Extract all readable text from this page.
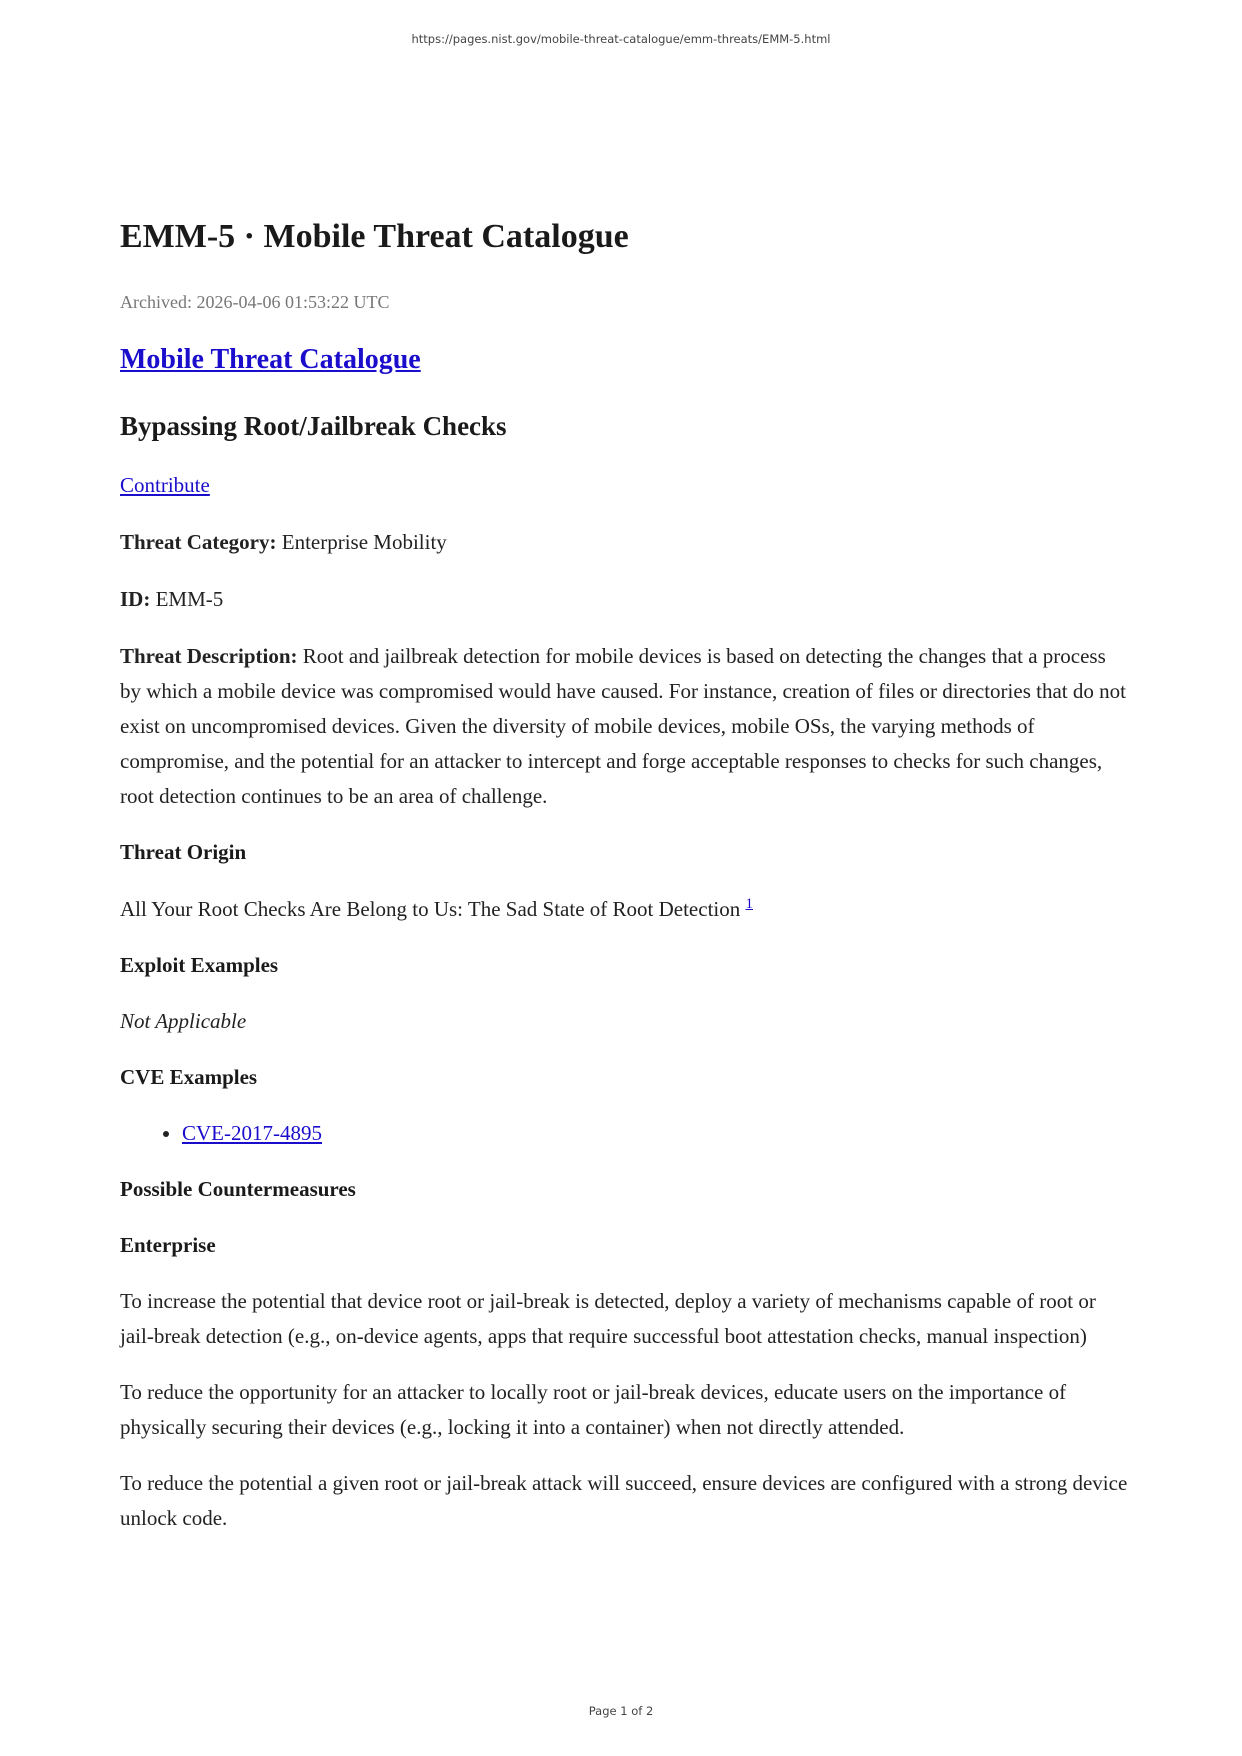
https://pages.nist.gov/mobile-threat-catalogue/emm-threats/EMM-5.html
EMM-5 · Mobile Threat Catalogue
Archived: 2026-04-06 01:53:22 UTC
Mobile Threat Catalogue
Bypassing Root/Jailbreak Checks

Contribute

Threat Category: Enterprise Mobility

ID: EMM-5

Threat Description: Root and jailbreak detection for mobile devices is based on detecting the changes that a process by which a mobile device was compromised would have caused. For instance, creation of files or directories that do not exist on uncompromised devices. Given the diversity of mobile devices, mobile OSs, the varying methods of compromise, and the potential for an attacker to intercept and forge acceptable responses to checks for such changes, root detection continues to be an area of challenge.

Threat Origin

All Your Root Checks Are Belong to Us: The Sad State of Root Detection $^1$

Exploit Examples

Not Applicable

CVE Examples
• CVE-2017-4895
Possible Countermeasures
Enterprise

To increase the potential that device root or jail-break is detected, deploy a variety of mechanisms capable of root or jail-break detection (e.g., on-device agents, apps that require successful boot attestation checks, manual inspection)

To reduce the opportunity for an attacker to locally root or jail-break devices, educate users on the importance of physically securing their devices (e.g., locking it into a container) when not directly attended.

To reduce the potential a given root or jail-break attack will succeed, ensure devices are configured with a strong device unlock code.

Page 1 of 2
